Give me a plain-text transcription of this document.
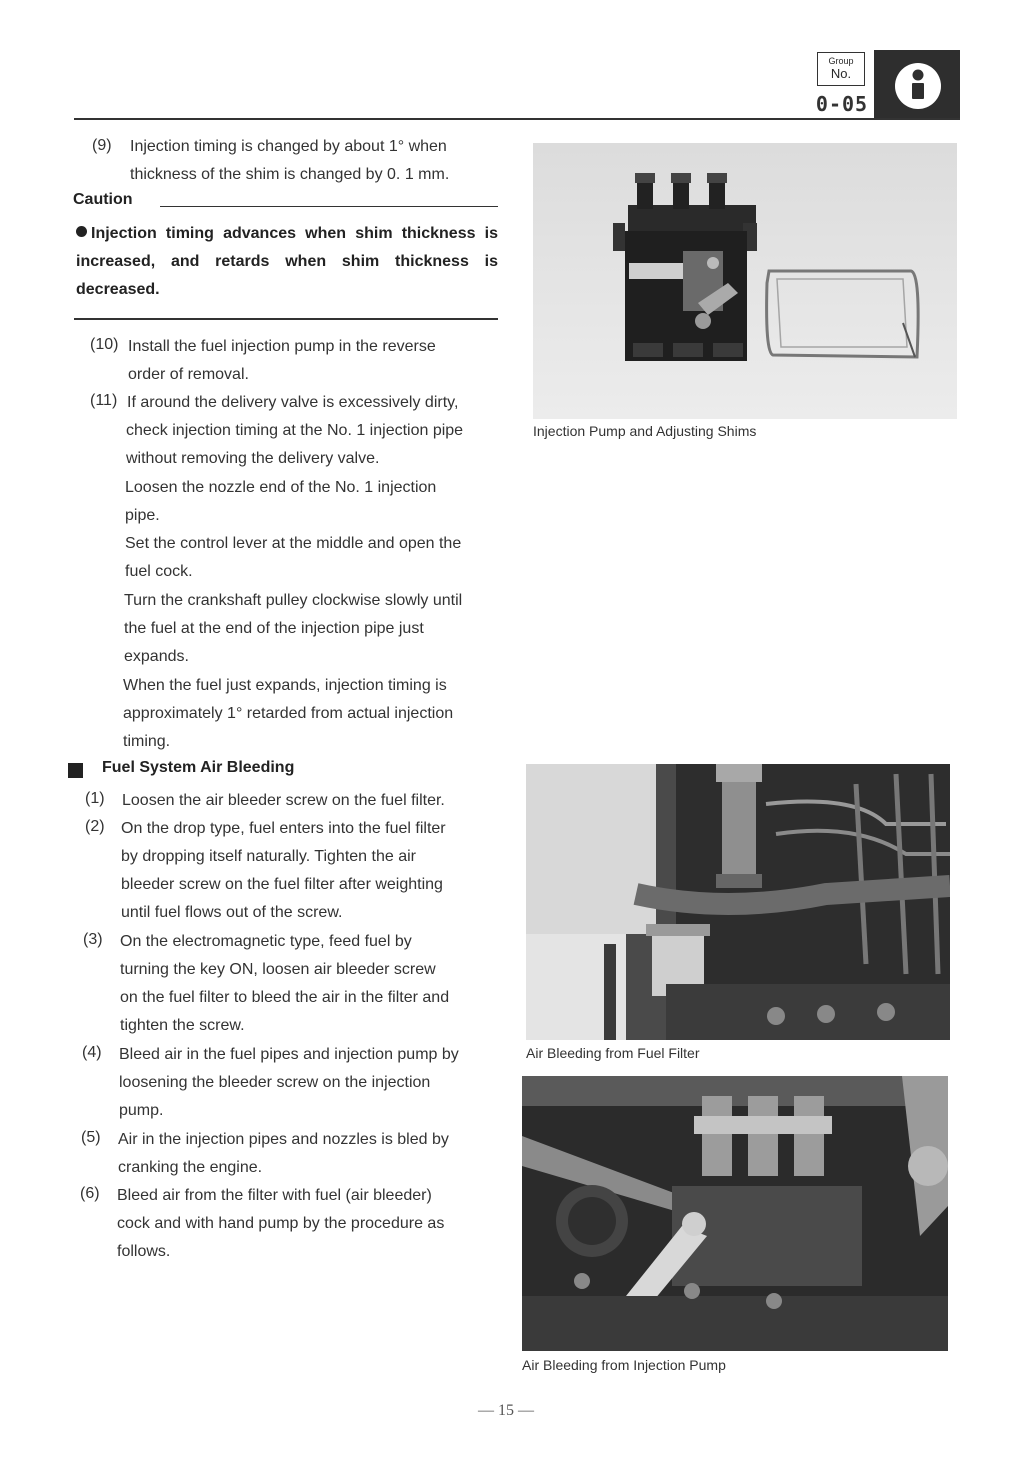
Group
No.
0-05
(9) Injection timing is changed by about 1° when
thickness of the shim is changed by 0. 1 mm.
Caution
Injection timing advances when shim thickness is increased, and retards when shim thickness is decreased.
(10) Install the fuel injection pump in the reverse
order of removal.
(11) If around the delivery valve is excessively dirty,
check injection timing at the No. 1 injection pipe
without removing the delivery valve.
Loosen the nozzle end of the No. 1 injection
pipe.
Set the control lever at the middle and open the
fuel cock.
Turn the crankshaft pulley clockwise slowly until
the fuel at the end of the injection pipe just
expands.
When the fuel just expands, injection timing is
approximately 1° retarded from actual injection
timing.
Fuel System Air Bleeding
(1) Loosen the air bleeder screw on the fuel filter.
(2) On the drop type, fuel enters into the fuel filter
by dropping itself naturally. Tighten the air
bleeder screw on the fuel filter after weighting
until fuel flows out of the screw.
(3) On the electromagnetic type, feed fuel by
turning the key ON, loosen air bleeder screw
on the fuel filter to bleed the air in the filter and
tighten the screw.
(4) Bleed air in the fuel pipes and injection pump by
loosening the bleeder screw on the injection
pump.
(5) Air in the injection pipes and nozzles is bled by
cranking the engine.
(6) Bleed air from the filter with fuel (air bleeder)
cock and with hand pump by the procedure as
follows.
Injection Pump and Adjusting Shims
Air Bleeding from Fuel Filter
Air Bleeding from Injection Pump
— 15 —
